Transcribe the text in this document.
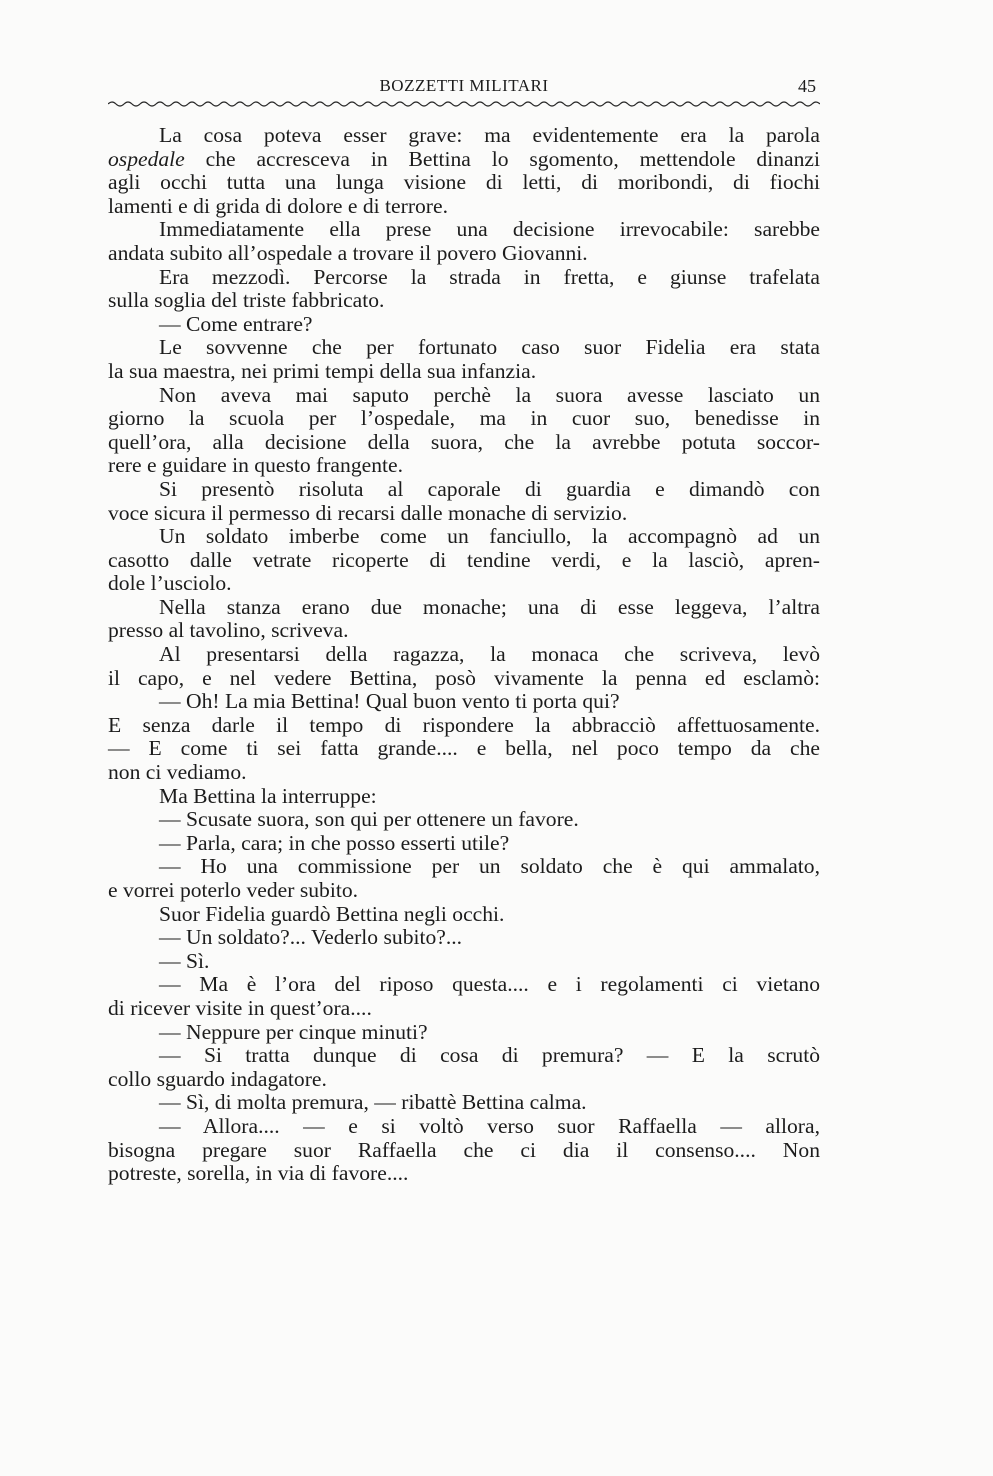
BOZZETTI MILITARI	45
La cosa poteva esser grave: ma evidentemente era la parola
ospedale che accresceva in Bettina lo sgomento, mettendole dinanzi
agli occhi tutta una lunga visione di letti, di moribondi, di fiochi
lamenti e di grida di dolore e di terrore.
Immediatamente ella prese una decisione irrevocabile: sarebbe
andata subito all’ospedale a trovare il povero Giovanni.
Era mezzodì. Percorse la strada in fretta, e giunse trafelata
sulla soglia del triste fabbricato.
— Come entrare?
Le sovvenne che per fortunato caso suor Fidelia era stata
la sua maestra, nei primi tempi della sua infanzia.
Non aveva mai saputo perchè la suora avesse lasciato un
giorno la scuola per l’ospedale, ma in cuor suo, benedisse in
quell’ora, alla decisione della suora, che la avrebbe potuta soccor-
rere e guidare in questo frangente.
Si presentò risoluta al caporale di guardia e dimandò con
voce sicura il permesso di recarsi dalle monache di servizio.
Un soldato imberbe come un fanciullo, la accompagnò ad un
casotto dalle vetrate ricoperte di tendine verdi, e la lasciò, apren-
dole l’usciolo.
Nella stanza erano due monache; una di esse leggeva, l’altra
presso al tavolino, scriveva.
Al presentarsi della ragazza, la monaca che scriveva, levò
il capo, e nel vedere Bettina, posò vivamente la penna ed esclamò:
— Oh! La mia Bettina! Qual buon vento ti porta qui?
E senza darle il tempo di rispondere la abbracciò affettuosamente.
— E come ti sei fatta grande.... e bella, nel poco tempo da che
non ci vediamo.
Ma Bettina la interruppe:
— Scusate suora, son qui per ottenere un favore.
— Parla, cara; in che posso esserti utile?
— Ho una commissione per un soldato che è qui ammalato,
e vorrei poterlo veder subito.
Suor Fidelia guardò Bettina negli occhi.
— Un soldato?... Vederlo subito?...
— Sì.
— Ma è l’ora del riposo questa.... e i regolamenti ci vietano
di ricever visite in quest’ora....
— Neppure per cinque minuti?
— Si tratta dunque di cosa di premura? — E la scrutò
collo sguardo indagatore.
— Sì, di molta premura, — ribattè Bettina calma.
— Allora.... — e si voltò verso suor Raffaella — allora,
bisogna pregare suor Raffaella che ci dia il consenso.... Non
potreste, sorella, in via di favore....
